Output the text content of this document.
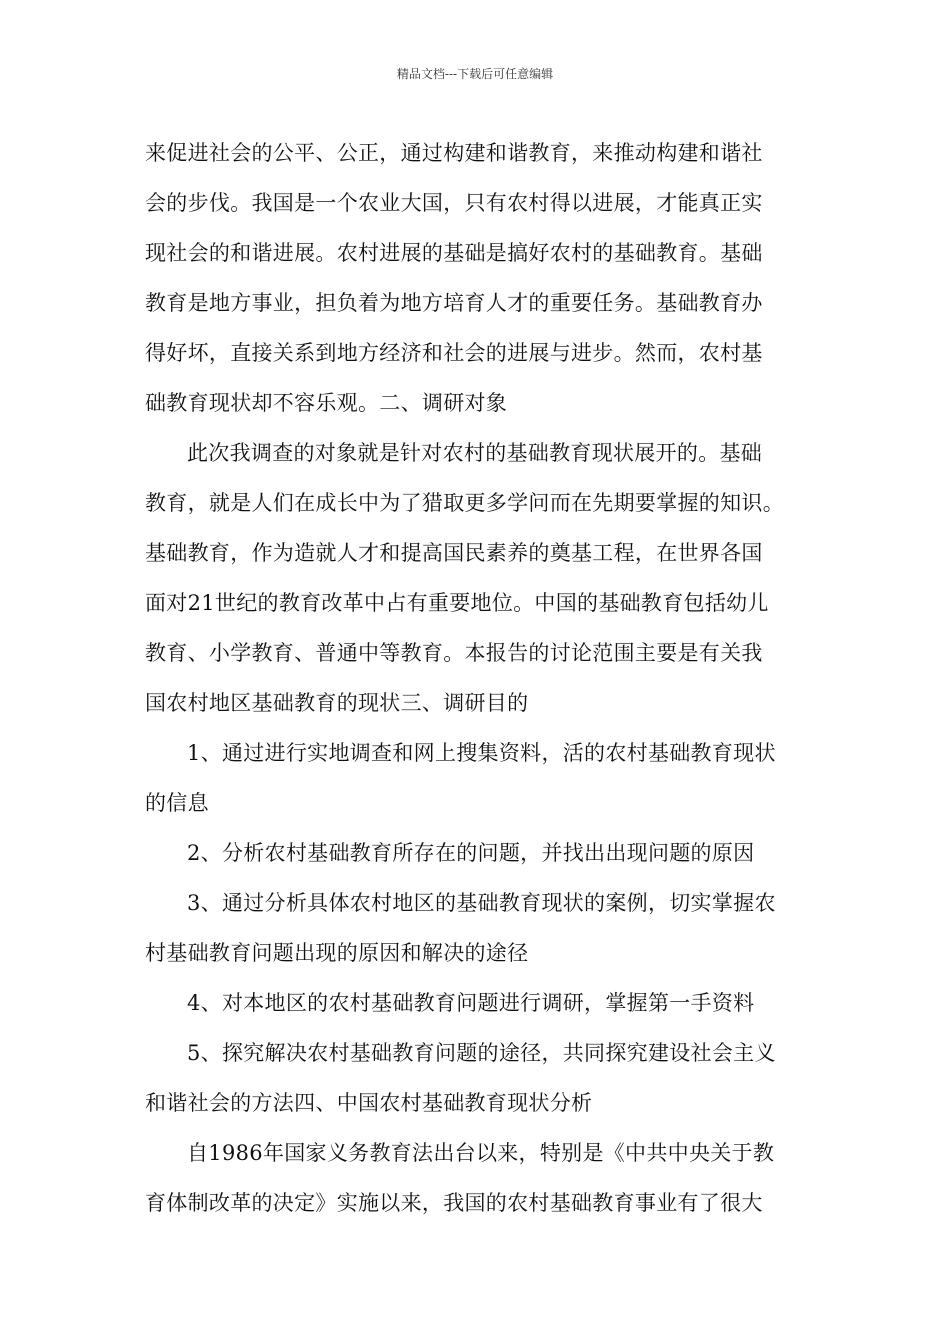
精品文档---下载后可任意编辑
来促进社会的公平、公正，通过构建和谐教育，来推动构建和谐社
会的步伐。我国是一个农业大国，只有农村得以进展，才能真正实
现社会的和谐进展。农村进展的基础是搞好农村的基础教育。基础
教育是地方事业，担负着为地方培育人才的重要任务。基础教育办
得好坏，直接关系到地方经济和社会的进展与进步。然而，农村基
础教育现状却不容乐观。二、调研对象
此次我调查的对象就是针对农村的基础教育现状展开的。基础
教育，就是人们在成长中为了猎取更多学问而在先期要掌握的知识。
基础教育，作为造就人才和提高国民素养的奠基工程，在世界各国
面对21世纪的教育改革中占有重要地位。中国的基础教育包括幼儿
教育、小学教育、普通中等教育。本报告的讨论范围主要是有关我
国农村地区基础教育的现状三、调研目的
1、通过进行实地调查和网上搜集资料，活的农村基础教育现状
的信息
2、分析农村基础教育所存在的问题，并找出出现问题的原因
3、通过分析具体农村地区的基础教育现状的案例，切实掌握农
村基础教育问题出现的原因和解决的途径
4、对本地区的农村基础教育问题进行调研，掌握第一手资料
5、探究解决农村基础教育问题的途径，共同探究建设社会主义
和谐社会的方法四、中国农村基础教育现状分析
自1986年国家义务教育法出台以来，特别是《中共中央关于教
育体制改革的决定》实施以来，我国的农村基础教育事业有了很大
